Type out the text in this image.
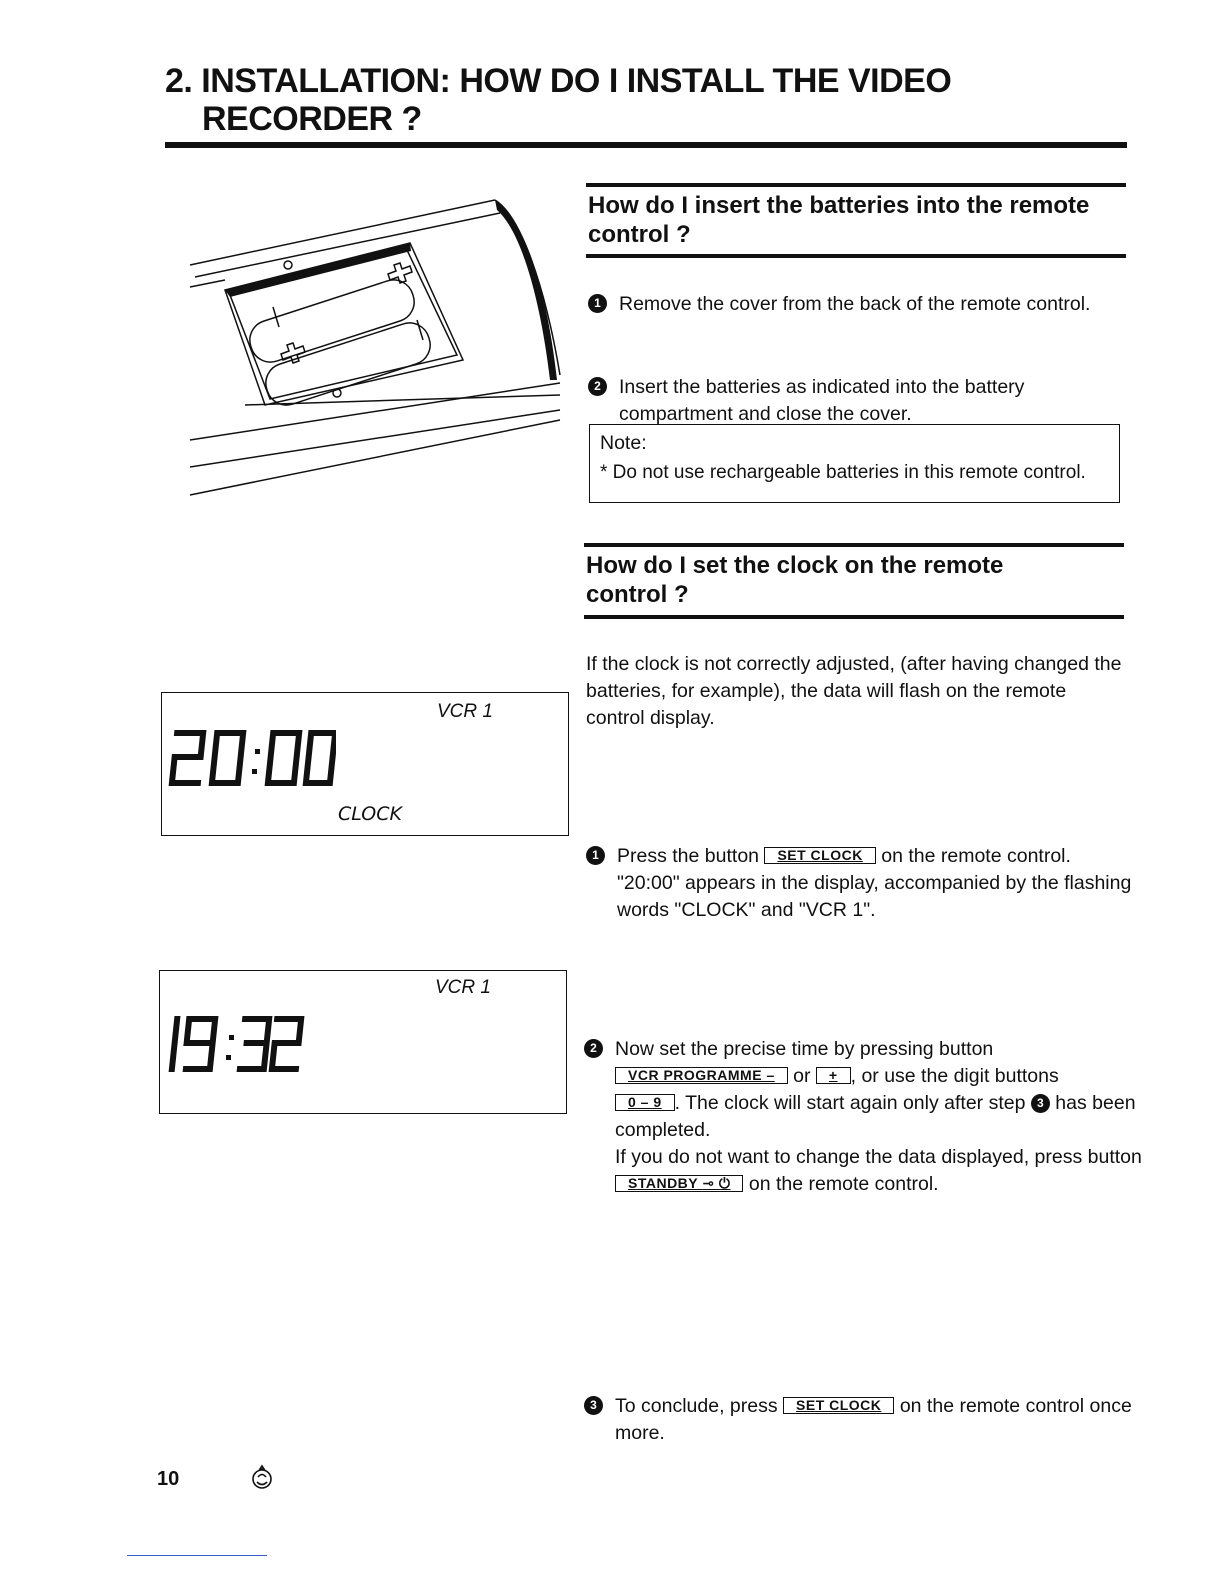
2. INSTALLATION: HOW DO I INSTALL THE VIDEO
RECORDER ?
VCR 1
CLOCK
VCR 1
How do I insert the batteries into the remote control ?
1 Remove the cover from the back of the remote control.
2 Insert the batteries as indicated into the battery compartment and close the cover.
Note:
* Do not use rechargeable batteries in this remote control.
How do I set the clock on the remote control ?
If the clock is not correctly adjusted, (after having changed the batteries, for example), the data will flash on the remote control display.
1 Press the button SET CLOCK on the remote control.
"20:00" appears in the display, accompanied by the flashing words "CLOCK" and "VCR 1".
2 Now set the precise time by pressing button
VCR PROGRAMME – or + , or use the digit buttons
0 – 9 . The clock will start again only after step 3 has been completed.
If you do not want to change the data displayed, press button STANDBY ⊸ ⏻ on the remote control.
3 To conclude, press SET CLOCK on the remote control once more.
10
